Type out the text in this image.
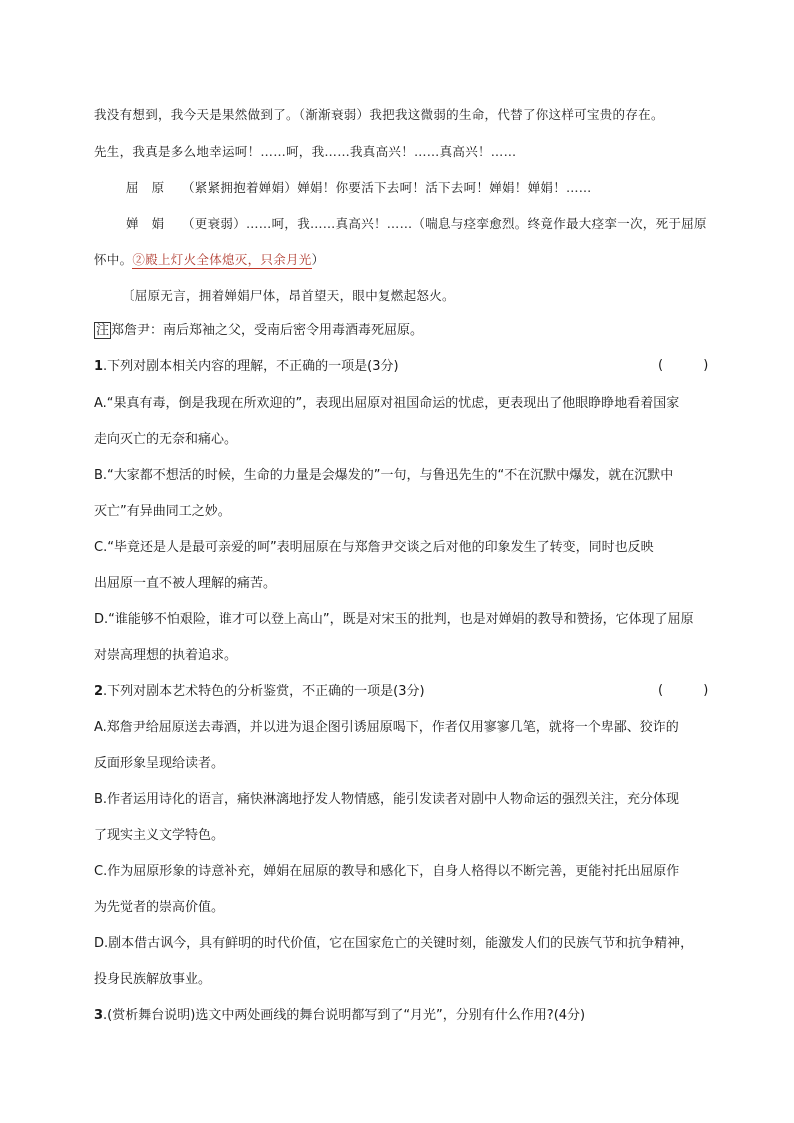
我没有想到，我今天是果然做到了。（渐渐衰弱）我把我这微弱的生命，代替了你这样可宝贵的存在。
先生，我真是多么地幸运呵！……呵，我……我真高兴！……真高兴！……
屈　原 （紧紧拥抱着婵娟）婵娟！你要活下去呵！活下去呵！婵娟！婵娟！……
婵　娟 （更衰弱）……呵，我……真高兴！……（喘息与痉挛愈烈。终竟作最大痉挛一次，死于屈原
怀中。②殿上灯火全体熄灭，只余月光）
〔屈原无言，拥着婵娟尸体，昂首望天，眼中复燃起怒火。
注 郑詹尹：南后郑袖之父，受南后密令用毒酒毒死屈原。
1.下列对剧本相关内容的理解，不正确的一项是(3分)	( )
A.“果真有毒，倒是我现在所欢迎的”，表现出屈原对祖国命运的忧虑，更表现出了他眼睁睁地看着国家
走向灭亡的无奈和痛心。
B.“大家都不想活的时候，生命的力量是会爆发的”一句，与鲁迅先生的“不在沉默中爆发，就在沉默中
灭亡”有异曲同工之妙。
C.“毕竟还是人是最可亲爱的呵”表明屈原在与郑詹尹交谈之后对他的印象发生了转变，同时也反映
出屈原一直不被人理解的痛苦。
D.“谁能够不怕艰险，谁才可以登上高山”，既是对宋玉的批判，也是对婵娟的教导和赞扬，它体现了屈原
对崇高理想的执着追求。
2.下列对剧本艺术特色的分析鉴赏，不正确的一项是(3分)	( )
A.郑詹尹给屈原送去毒酒，并以进为退企图引诱屈原喝下，作者仅用寥寥几笔，就将一个卑鄙、狡诈的
反面形象呈现给读者。
B.作者运用诗化的语言，痛快淋漓地抒发人物情感，能引发读者对剧中人物命运的强烈关注，充分体现
了现实主义文学特色。
C.作为屈原形象的诗意补充，婵娟在屈原的教导和感化下，自身人格得以不断完善，更能衬托出屈原作
为先觉者的崇高价值。
D.剧本借古讽今，具有鲜明的时代价值，它在国家危亡的关键时刻，能激发人们的民族气节和抗争精神，
投身民族解放事业。
3.(赏析舞台说明)选文中两处画线的舞台说明都写到了“月光”，分别有什么作用?(4分)
